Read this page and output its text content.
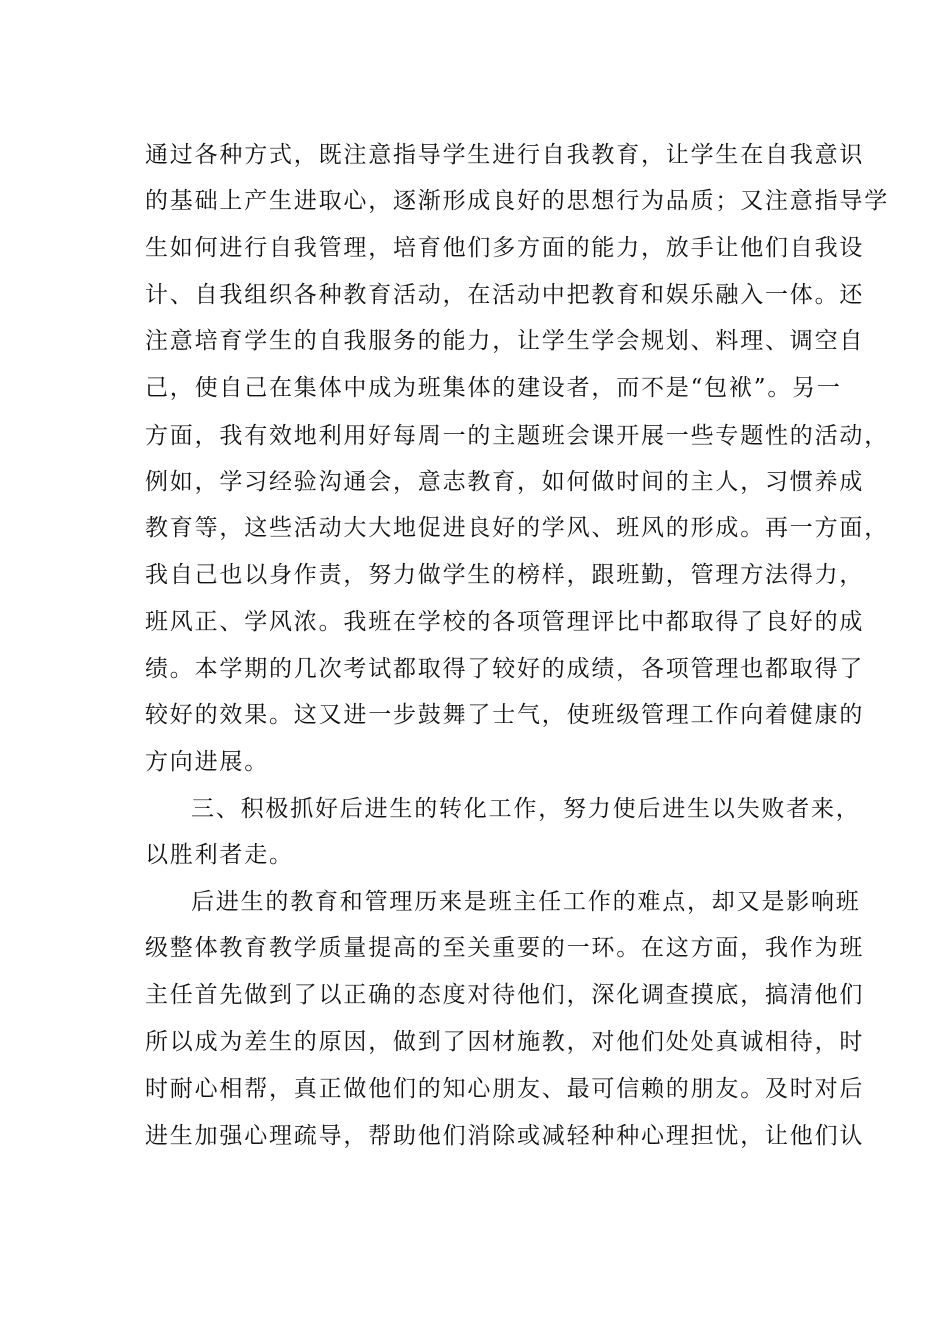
通过各种方式，既注意指导学生进行自我教育，让学生在自我意识
的基础上产生进取心，逐渐形成良好的思想行为品质；又注意指导学
生如何进行自我管理，培育他们多方面的能力，放手让他们自我设
计、自我组织各种教育活动，在活动中把教育和娱乐融入一体。还
注意培育学生的自我服务的能力，让学生学会规划、料理、调空自
己，使自己在集体中成为班集体的建设者，而不是“包袱”。另一
方面，我有效地利用好每周一的主题班会课开展一些专题性的活动，
例如，学习经验沟通会，意志教育，如何做时间的主人，习惯养成
教育等，这些活动大大地促进良好的学风、班风的形成。再一方面，
我自己也以身作责，努力做学生的榜样，跟班勤，管理方法得力，
班风正、学风浓。我班在学校的各项管理评比中都取得了良好的成
绩。本学期的几次考试都取得了较好的成绩，各项管理也都取得了
较好的效果。这又进一步鼓舞了士气，使班级管理工作向着健康的
方向进展。
三、积极抓好后进生的转化工作，努力使后进生以失败者来，
以胜利者走。
后进生的教育和管理历来是班主任工作的难点，却又是影响班
级整体教育教学质量提高的至关重要的一环。在这方面，我作为班
主任首先做到了以正确的态度对待他们，深化调查摸底，搞清他们
所以成为差生的原因，做到了因材施教，对他们处处真诚相待，时
时耐心相帮，真正做他们的知心朋友、最可信赖的朋友。及时对后
进生加强心理疏导，帮助他们消除或减轻种种心理担忧，让他们认
